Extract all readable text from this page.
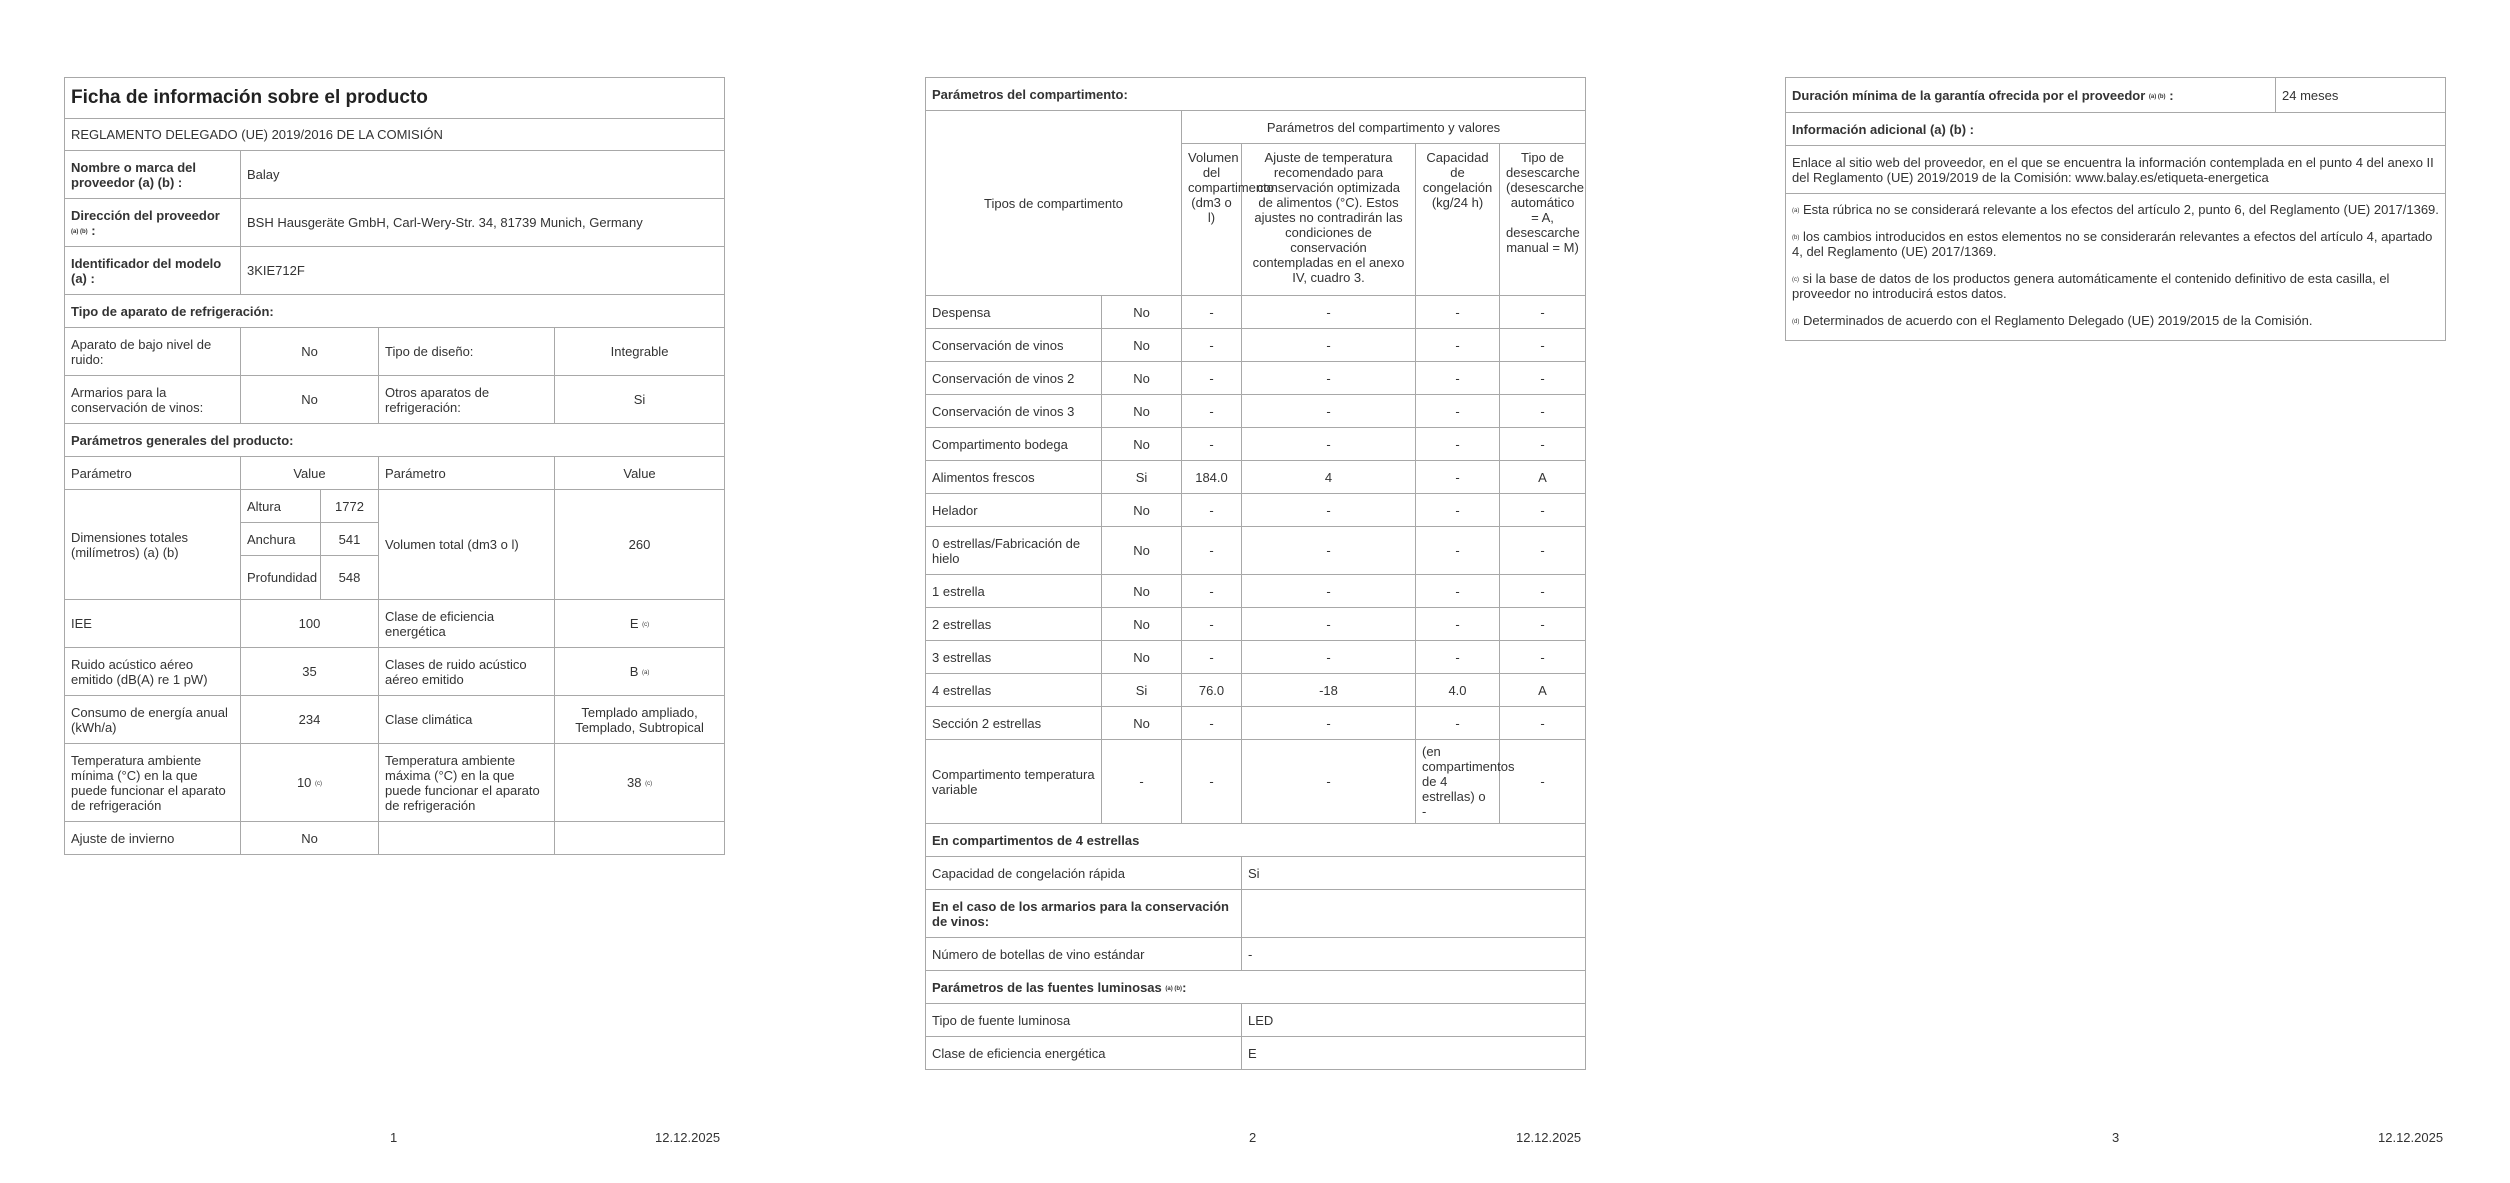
Ficha de información sobre el producto				
REGLAMENTO DELEGADO (UE) 2019/2016 DE LA COMISIÓN				
Nombre o marca del proveedor (a) (b) :	Balay			
Dirección del proveedor
$^{(a) (b)}$ :	BSH Hausgeräte GmbH, Carl-Wery-Str. 34, 81739 Munich, Germany			
Identificador del modelo (a) :	3KIE712F			
Tipo de aparato de refrigeración:				
Aparato de bajo nivel de ruido:	No		Tipo de diseño:	Integrable
Armarios para la conservación de vinos:	No		Otros aparatos de refrigeración:	Si
Parámetros generales del producto:				
Parámetro	Value		Parámetro	Value
Dimensiones totales (milímetros) (a) (b)	Altura	1772	Volumen total (dm3 o l)	260
	Anchura	541		
	Profundidad	548		
IEE	100		Clase de eficiencia energética	E $^{(c)}$
Ruido acústico aéreo emitido (dB(A) re 1 pW)	35		Clases de ruido acústico aéreo emitido	B $^{(a)}$
Consumo de energía anual (kWh/a)	234		Clase climática	Templado ampliado, Templado, Subtropical
Temperatura ambiente mínima (°C) en la que puede funcionar el aparato de refrigeración	10 $^{(c)}$		Temperatura ambiente máxima (°C) en la que puede funcionar el aparato de refrigeración	38 $^{(c)}$
Ajuste de invierno	No			
1	12.12.2025
Parámetros del compartimento:					
Tipos de compartimento		Parámetros del compartimento y valores			
		Volumen del compartimento (dm3 o l)	Ajuste de temperatura recomendado para conservación optimizada de alimentos (°C). Estos ajustes no contradirán las condiciones de conservación contempladas en el anexo IV, cuadro 3.	Capacidad de congelación (kg/24 h)	Tipo de desescarche (desescarche automático = A, desescarche manual = M)
Despensa	No	-	-	-	-
Conservación de vinos	No	-	-	-	-
Conservación de vinos 2	No	-	-	-	-
Conservación de vinos 3	No	-	-	-	-
Compartimento bodega	No	-	-	-	-
Alimentos frescos	Si	184.0	4	-	A
Helador	No	-	-	-	-
0 estrellas/Fabricación de hielo	No	-	-	-	-
1 estrella	No	-	-	-	-
2 estrellas	No	-	-	-	-
3 estrellas	No	-	-	-	-
4 estrellas	Si	76.0	-18	4.0	A
Sección 2 estrellas	No	-	-	-	-
Compartimento temperatura variable	-	-	-	(en compartimentos de 4 estrellas) o -	-
En compartimentos de 4 estrellas					
Capacidad de congelación rápida			Si		
En el caso de los armarios para la conservación de vinos:					
Número de botellas de vino estándar			-		
Parámetros de las fuentes luminosas $^{(a) (b)}$:					
Tipo de fuente luminosa			LED		
Clase de eficiencia energética			E		
2	12.12.2025
Duración mínima de la garantía ofrecida por el proveedor $^{(a) (b)}$ :	24 meses
Información adicional (a) (b) :
Enlace al sitio web del proveedor, en el que se encuentra la información contemplada en el punto 4 del anexo II del Reglamento (UE) 2019/2019 de la Comisión: www.balay.es/etiqueta-energetica

$^{(a)}$ Esta rúbrica no se considerará relevante a los efectos del artículo 2, punto 6, del Reglamento (UE) 2017/1369.
$^{(b)}$ los cambios introducidos en estos elementos no se considerarán relevantes a efectos del artículo 4, apartado 4, del Reglamento (UE) 2017/1369.
$^{(c)}$ si la base de datos de los productos genera automáticamente el contenido definitivo de esta casilla, el proveedor no introducirá estos datos.
$^{(d)}$ Determinados de acuerdo con el Reglamento Delegado (UE) 2019/2015 de la Comisión.
3	12.12.2025
